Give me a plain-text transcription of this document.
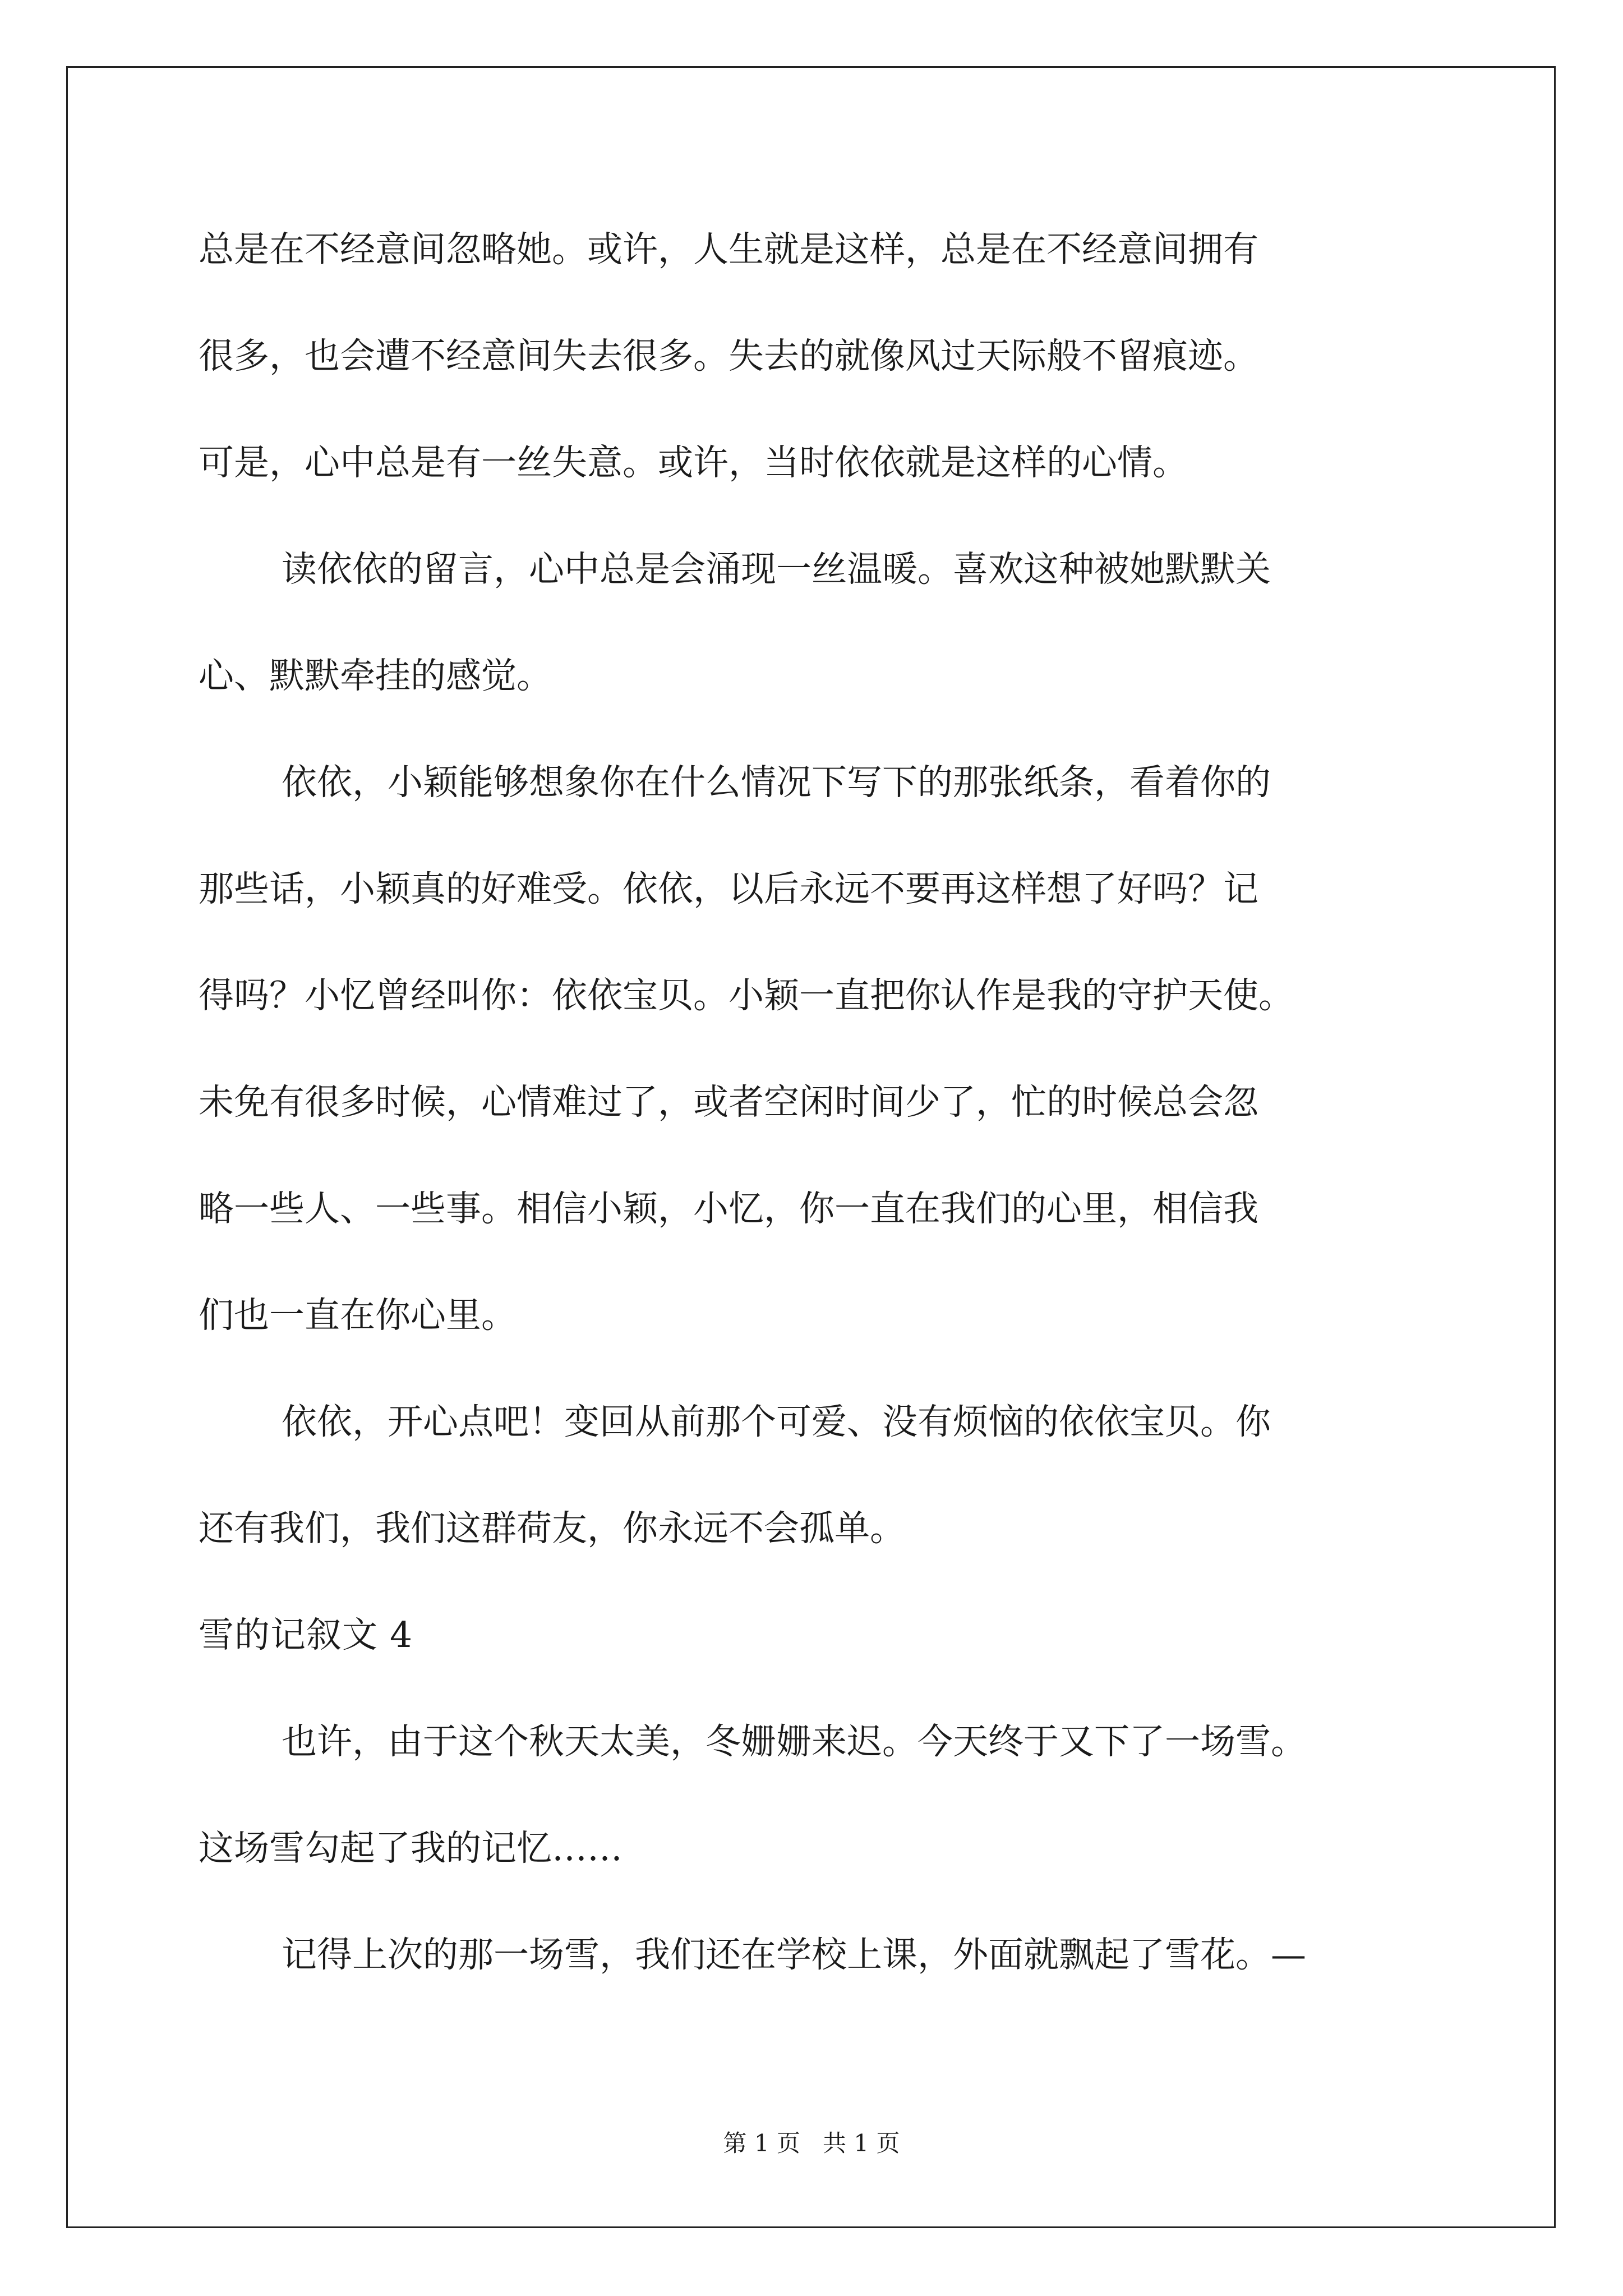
总是在不经意间忽略她。或许，人生就是这样，总是在不经意间拥有
很多，也会遭不经意间失去很多。失去的就像风过天际般不留痕迹。
可是，心中总是有一丝失意。或许，当时依依就是这样的心情。
读依依的留言，心中总是会涌现一丝温暖。喜欢这种被她默默关
心、默默牵挂的感觉。
依依，小颖能够想象你在什么情况下写下的那张纸条，看着你的
那些话，小颖真的好难受。依依，以后永远不要再这样想了好吗？记
得吗？小忆曾经叫你：依依宝贝。小颖一直把你认作是我的守护天使。
未免有很多时候，心情难过了，或者空闲时间少了，忙的时候总会忽
略一些人、一些事。相信小颖，小忆，你一直在我们的心里，相信我
们也一直在你心里。
依依，开心点吧！变回从前那个可爱、没有烦恼的依依宝贝。你
还有我们，我们这群荷友，你永远不会孤单。
雪的记叙文 4
也许，由于这个秋天太美，冬姗姗来迟。今天终于又下了一场雪。
这场雪勾起了我的记忆……
记得上次的那一场雪，我们还在学校上课，外面就飘起了雪花。—
第 1 页   共 1 页
